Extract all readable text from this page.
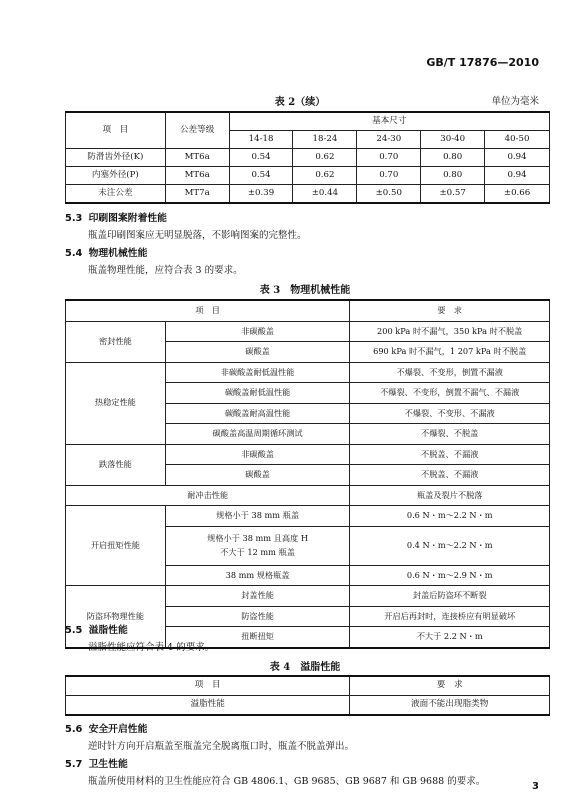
GB/T 17876—2010
表 2（续）	单位为毫米
项　目	公差等级	基本尺寸				
		14-18	18-24	24-30	30-40	40-50
防滑齿外径(K)	MT6a	0.54	0.62	0.70	0.80	0.94
内塞外径(P)	MT6a	0.54	0.62	0.70	0.80	0.94
未注公差	MT7a	±0.39	±0.44	±0.50	±0.57	±0.66
5.3 印刷图案附着性能
瓶盖印刷图案应无明显脱落，不影响图案的完整性。
5.4 物理机械性能
瓶盖物理性能，应符合表 3 的要求。
表 3　物理机械性能
项　目		要　求
密封性能	非碳酸盖	200 kPa 时不漏气，350 kPa 时不脱盖
	碳酸盖	690 kPa 时不漏气，1 207 kPa 时不脱盖
热稳定性能	非碳酸盖耐低温性能	不爆裂、不变形，倒置不漏液
	碳酸盖耐低温性能	不爆裂、不变形，倒置不漏气、不漏液
	碳酸盖耐高温性能	不爆裂、不变形、不漏液
	碳酸盖高温周期循环测试	不爆裂、不脱盖
跌落性能	非碳酸盖	不脱盖、不漏液
	碳酸盖	不脱盖、不漏液
耐冲击性能		瓶盖及裂片不脱落
开启扭矩性能	规格小于 38 mm 瓶盖	0.6 N・m～2.2 N・m

	规格小于 38 mm 且高度 H
不大于 12 mm 瓶盖	0.4 N・m～2.2 N・m
	38 mm 规格瓶盖	0.6 N・m～2.9 N・m
防盗环物理性能	封盖性能	封盖后防盗环不断裂
	防盗性能	开启后再封时，连接桥应有明显破坏
	扭断扭矩	不大于 2.2 N・m
5.5 溢脂性能
溢脂性能应符合表 4 的要求。
表 4　溢脂性能
项　目	要　求
溢脂性能	液面不能出现脂类物
5.6 安全开启性能
逆时针方向开启瓶盖至瓶盖完全脱离瓶口时，瓶盖不脱盖弹出。
5.7 卫生性能
瓶盖所使用材料的卫生性能应符合 GB 4806.1、GB 9685、GB 9687 和 GB 9688 的要求。	3
